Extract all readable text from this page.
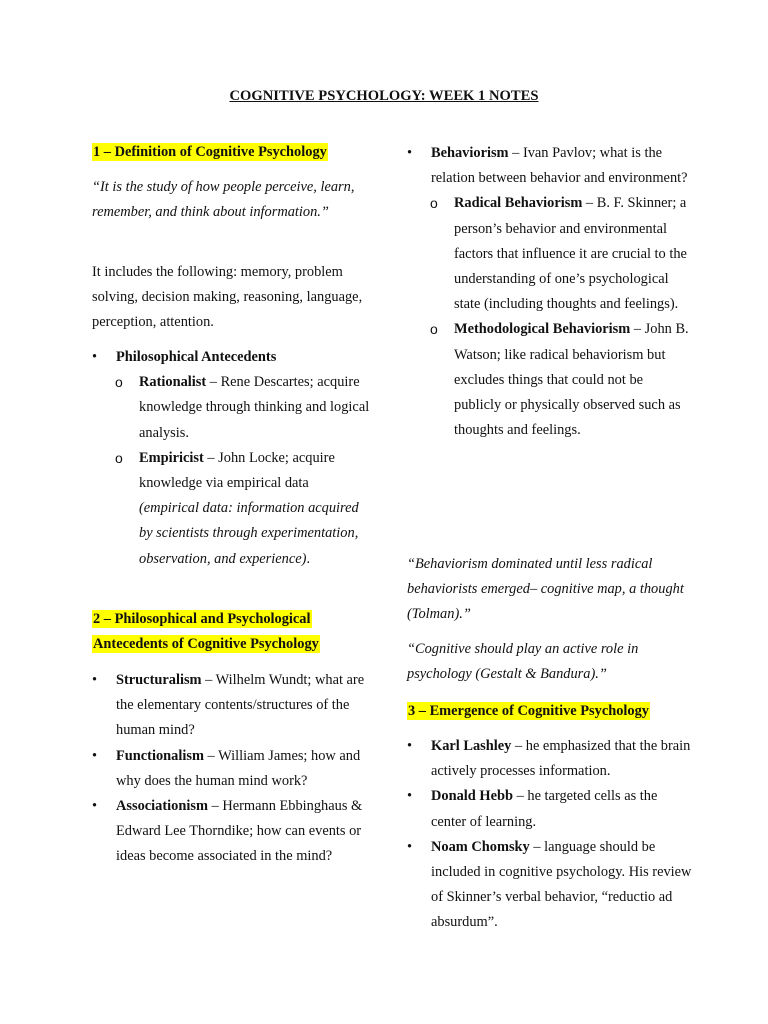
COGNITIVE PSYCHOLOGY: WEEK 1 NOTES
1 – Definition of Cognitive Psychology
“It is the study of how people perceive, learn, remember, and think about information.”
It includes the following: memory, problem solving, decision making, reasoning, language, perception, attention.
• Philosophical Antecedents
o Rationalist – Rene Descartes; acquire knowledge through thinking and logical analysis.
o Empiricist – John Locke; acquire knowledge via empirical data (empirical data: information acquired by scientists through experimentation, observation, and experience).
2 – Philosophical and Psychological
Antecedents of Cognitive Psychology
• Structuralism – Wilhelm Wundt; what are the elementary contents/structures of the human mind?
• Functionalism – William James; how and why does the human mind work?
• Associationism – Hermann Ebbinghaus & Edward Lee Thorndike; how can events or ideas become associated in the mind?
• Behaviorism – Ivan Pavlov; what is the relation between behavior and environment?
o Radical Behaviorism – B. F. Skinner; a person’s behavior and environmental factors that influence it are crucial to the understanding of one’s psychological state (including thoughts and feelings).
o Methodological Behaviorism – John B. Watson; like radical behaviorism but excludes things that could not be publicly or physically observed such as thoughts and feelings.
“Behaviorism dominated until less radical behaviorists emerged– cognitive map, a thought (Tolman).”
“Cognitive should play an active role in psychology (Gestalt & Bandura).”
3 – Emergence of Cognitive Psychology
• Karl Lashley – he emphasized that the brain actively processes information.
• Donald Hebb – he targeted cells as the center of learning.
• Noam Chomsky – language should be included in cognitive psychology. His review of Skinner’s verbal behavior, “reductio ad absurdum”.
